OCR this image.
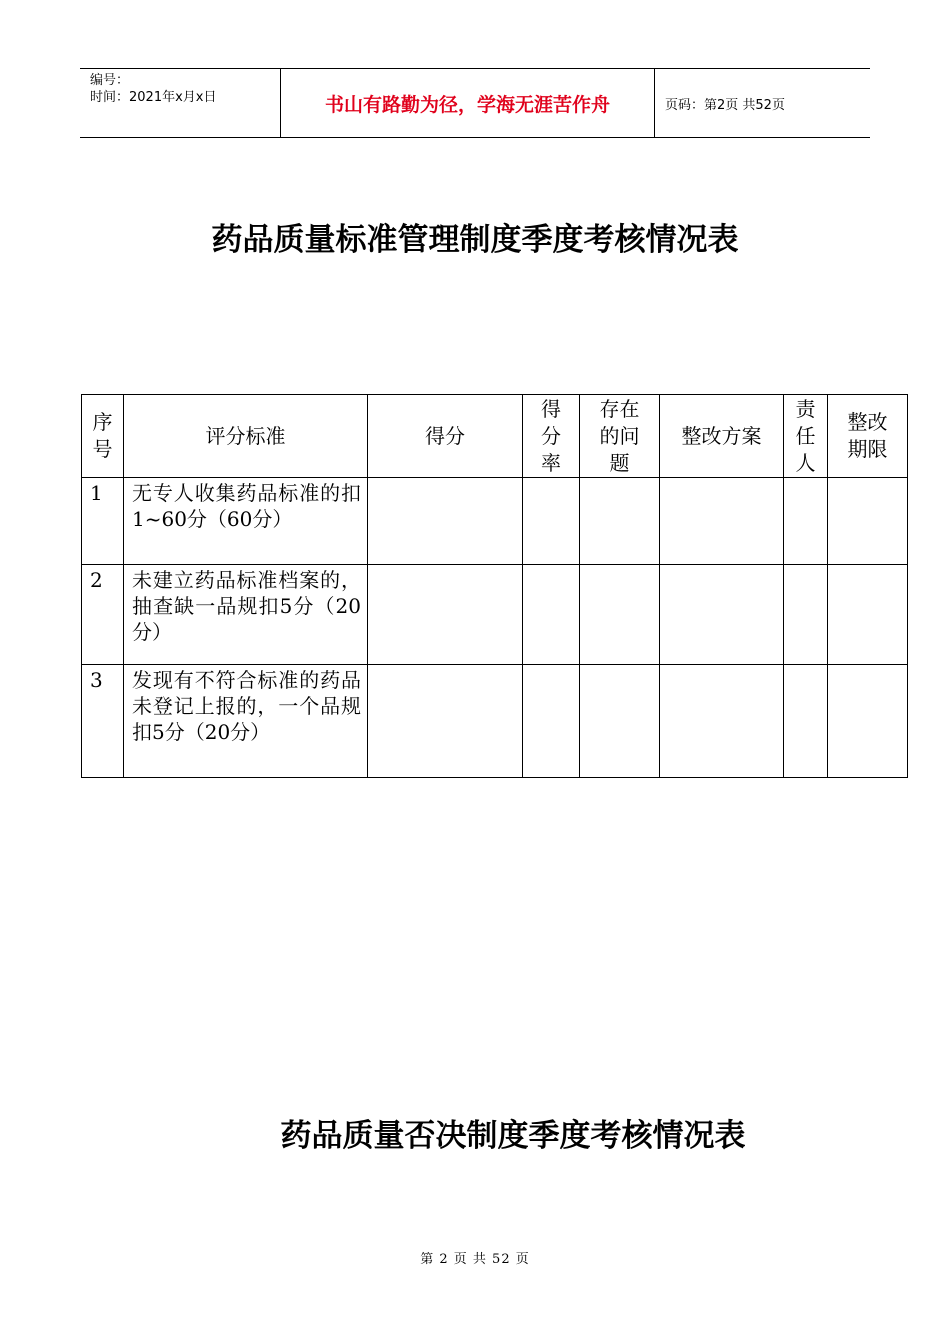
编号：
时间：2021年x月x日	书山有路勤为径，学海无涯苦作舟	页码：第2页 共52页
药品质量标准管理制度季度考核情况表
序号	评分标准	得分	得分率	存在的问题	整改方案	责任人	整改期限
1	无专人收集药品标准的扣1~60分（60分）						
2	未建立药品标准档案的，抽查缺一品规扣5分（20分）						
3	发现有不符合标准的药品未登记上报的，一个品规扣5分（20分）						
药品质量否决制度季度考核情况表
第 2 页 共 52 页
